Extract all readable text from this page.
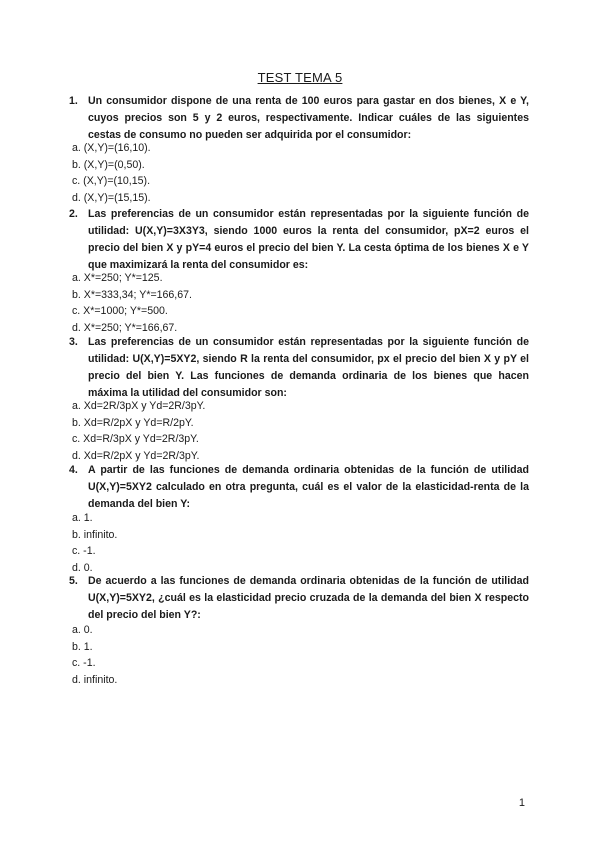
TEST TEMA 5
1. Un consumidor dispone de una renta de 100 euros para gastar en dos bienes, X e Y, cuyos precios son 5 y 2 euros, respectivamente. Indicar cuáles de las siguientes cestas de consumo no pueden ser adquirida por el consumidor:
a. (X,Y)=(16,10).
b. (X,Y)=(0,50).
c. (X,Y)=(10,15).
d. (X,Y)=(15,15).
2. Las preferencias de un consumidor están representadas por la siguiente función de utilidad: U(X,Y)=3X3Y3, siendo 1000 euros la renta del consumidor, pX=2 euros el precio del bien X y pY=4 euros el precio del bien Y. La cesta óptima de los bienes X e Y que maximizará la renta del consumidor es:
a. X*=250; Y*=125.
b. X*=333,34; Y*=166,67.
c. X*=1000; Y*=500.
d. X*=250; Y*=166,67.
3. Las preferencias de un consumidor están representadas por la siguiente función de utilidad: U(X,Y)=5XY2, siendo R la renta del consumidor, px el precio del bien X y pY el precio del bien Y. Las funciones de demanda ordinaria de los bienes que hacen máxima la utilidad del consumidor son:
a. Xd=2R/3pX y Yd=2R/3pY.
b. Xd=R/2pX y Yd=R/2pY.
c. Xd=R/3pX y Yd=2R/3pY.
d. Xd=R/2pX y Yd=2R/3pY.
4. A partir de las funciones de demanda ordinaria obtenidas de la función de utilidad U(X,Y)=5XY2 calculado en otra pregunta, cuál es el valor de la elasticidad-renta de la demanda del bien Y:
a. 1.
b. infinito.
c. -1.
d. 0.
5. De acuerdo a las funciones de demanda ordinaria obtenidas de la función de utilidad U(X,Y)=5XY2, ¿cuál es la elasticidad precio cruzada de la demanda del bien X respecto del precio del bien Y?:
a. 0.
b. 1.
c. -1.
d. infinito.
1
